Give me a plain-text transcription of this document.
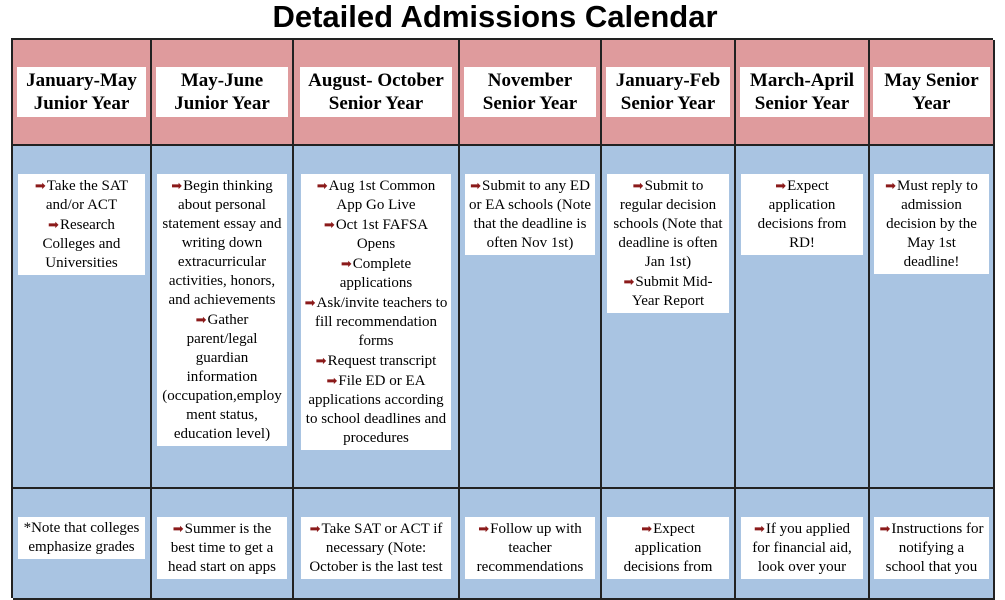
Detailed Admissions Calendar
January-May Junior Year
May-June Junior Year
August- October Senior Year
November Senior Year
January-Feb Senior Year
March-April Senior Year
May Senior Year
➡Take the SAT and/or ACT
➡Research Colleges and Universities
➡Begin thinking about personal statement essay and writing down extracurricular activities, honors, and achievements
➡Gather parent/legal guardian information (occupation,employment status, education level)
➡Aug 1st Common App Go Live
➡Oct 1st FAFSA Opens
➡Complete applications
➡Ask/invite teachers to fill recommendation forms
➡Request transcript
➡File ED or EA applications according to school deadlines and procedures
➡Submit to any ED or EA schools (Note that the deadline is often Nov 1st)
➡Submit to regular decision schools (Note that deadline is often Jan 1st)
➡Submit Mid-Year Report
➡Expect application decisions from RD!
➡Must reply to admission decision by the May 1st deadline!
*Note that colleges emphasize grades
➡Summer is the best time to get a head start on apps
➡Take SAT or ACT if necessary (Note: October is the last test
➡Follow up with teacher recommendations
➡Expect application decisions from
➡If you applied for financial aid, look over your
➡Instructions for notifying a school that you
